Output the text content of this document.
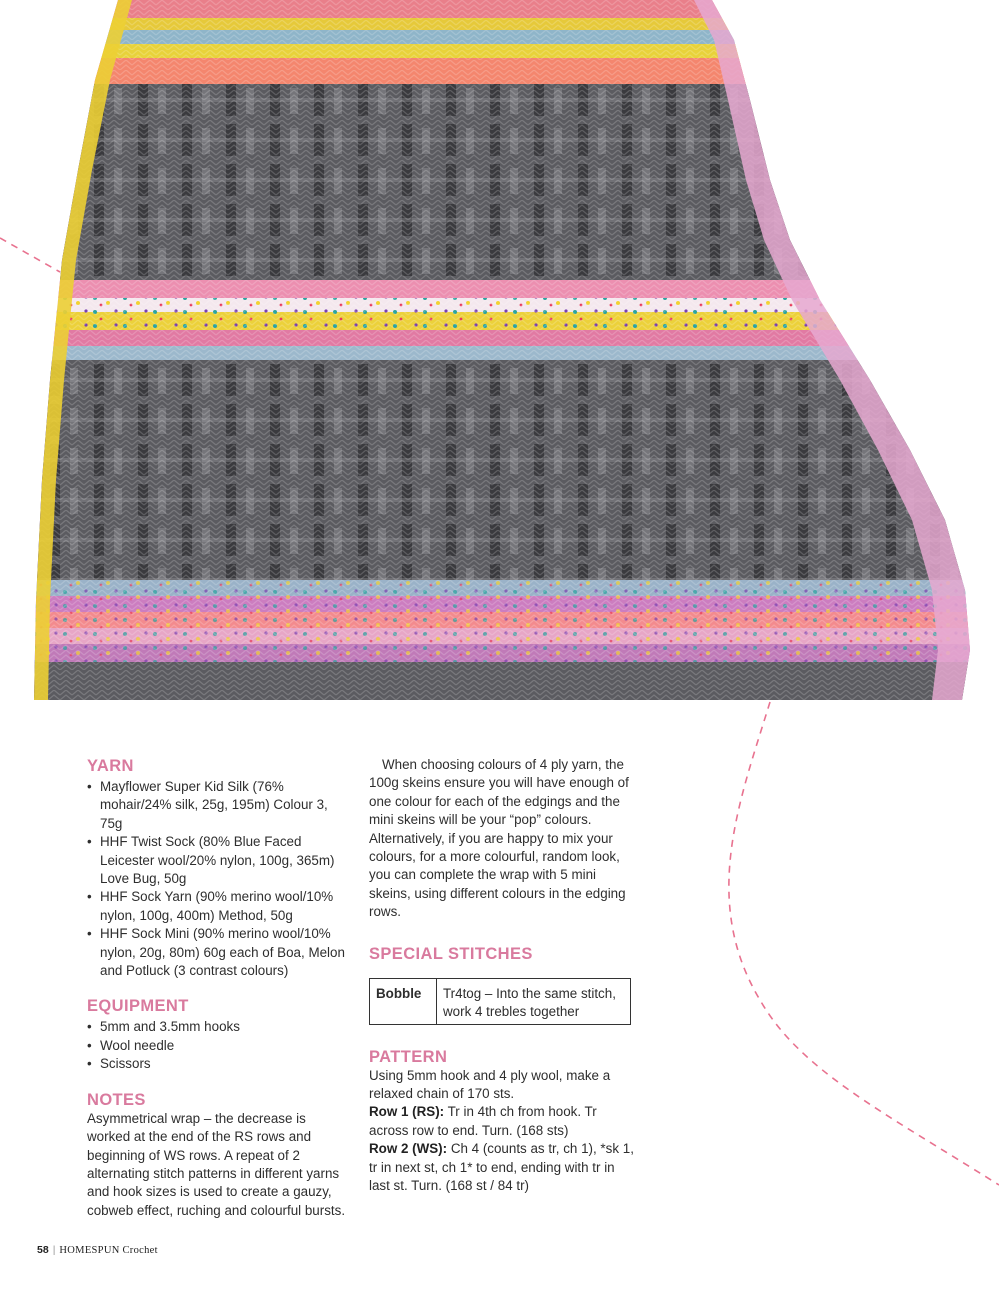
YARN
• Mayflower Super Kid Silk (76% mohair/24% silk, 25g, 195m) Colour 3, 75g
• HHF Twist Sock (80% Blue Faced Leicester wool/20% nylon, 100g, 365m) Love Bug, 50g
• HHF Sock Yarn (90% merino wool/10% nylon, 100g, 400m) Method, 50g
• HHF Sock Mini (90% merino wool/10% nylon, 20g, 80m) 60g each of Boa, Melon and Potluck (3 contrast colours)
EQUIPMENT
• 5mm and 3.5mm hooks
• Wool needle
• Scissors
NOTES

Asymmetrical wrap – the decrease is worked at the end of the RS rows and beginning of WS rows. A repeat of 2 alternating stitch patterns in different yarns and hook sizes is used to create a gauzy, cobweb effect, ruching and colourful bursts.

When choosing colours of 4 ply yarn, the 100g skeins ensure you will have enough of one colour for each of the edgings and the mini skeins will be your “pop” colours. Alternatively, if you are happy to mix your colours, for a more colourful, random look, you can complete the wrap with 5 mini skeins, using different colours in the edging rows.

SPECIAL STITCHES
Bobble	Tr4tog – Into the same stitch, work 4 trebles together
PATTERN

Using 5mm hook and 4 ply wool, make a relaxed chain of 170 sts.

Row 1 (RS): Tr in 4th ch from hook. Tr across row to end. Turn. (168 sts)

Row 2 (WS): Ch 4 (counts as tr, ch 1), *sk 1, tr in next st, ch 1* to end, ending with tr in last st. Turn. (168 st / 84 tr)

58 | HOMESPUN Crochet
